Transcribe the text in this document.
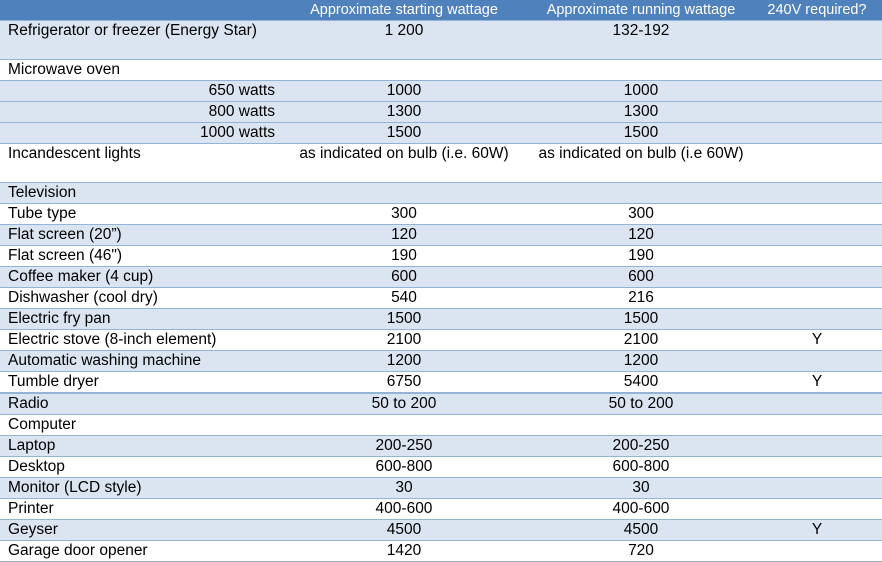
	Approximate starting wattage	Approximate running wattage	240V required?
Refrigerator or freezer (Energy Star)	1 200	132-192	
Microwave oven			
650 watts	1000	1000	
800 watts	1300	1300	
1000 watts	1500	1500	
Incandescent lights	as indicated on bulb (i.e. 60W)	as indicated on bulb (i.e 60W)	
Television			
Tube type	300	300	
Flat screen (20”)	120	120	
Flat screen (46")	190	190	
Coffee maker (4 cup)	600	600	
Dishwasher (cool dry)	540	216	
Electric fry pan	1500	1500	
Electric stove (8-inch element)	2100	2100	Y
Automatic washing machine	1200	1200	
Tumble dryer	6750	5400	Y
Radio	50 to 200	50 to 200	
Computer			
Laptop	200-250	200-250	
Desktop	600-800	600-800	
Monitor (LCD style)	30	30	
Printer	400-600	400-600	
Geyser	4500	4500	Y
Garage door opener	1420	720	
